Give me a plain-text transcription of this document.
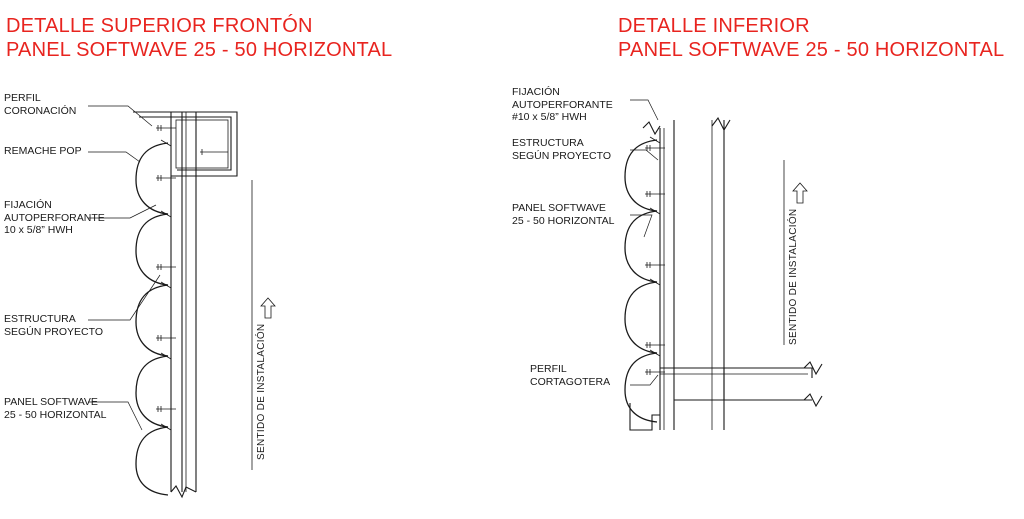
DETALLE SUPERIOR FRONTÓN
PANEL SOFTWAVE 25 - 50 HORIZONTAL
PERFIL
CORONACIÓN
REMACHE POP
FIJACIÓN
AUTOPERFORANTE
10 x 5/8” HWH
ESTRUCTURA
SEGÚN PROYECTO
PANEL SOFTWAVE
25 - 50 HORIZONTAL	SENTIDO DE INSTALACIÓN
DETALLE INFERIOR
PANEL SOFTWAVE 25 - 50 HORIZONTAL
FIJACIÓN
AUTOPERFORANTE
#10 x 5/8” HWH
ESTRUCTURA
SEGÚN PROYECTO
PANEL SOFTWAVE
25 - 50 HORIZONTAL
PERFIL
CORTAGOTERA
SENTIDO DE INSTALACIÓN
